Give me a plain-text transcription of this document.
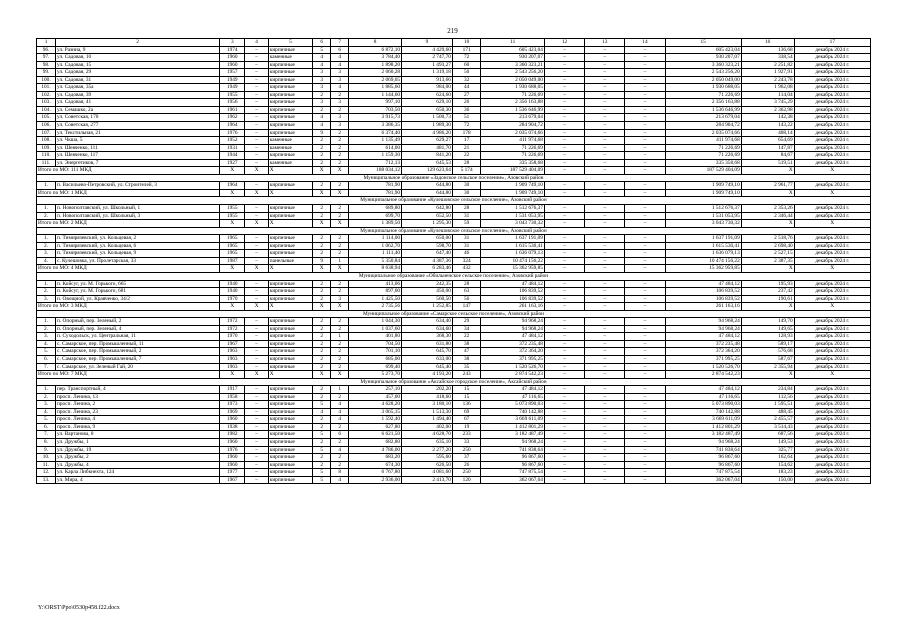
219
1	2	3	4	5	6	7	8	9	10	11	12	13	14	15	16	17
96.	ул. Разина, 9	1974	–	кирпичные	5	6	6 872,10	4 429,60	171	605 423,04	–	–	–	605 423,04	136,68	декабрь 2024 г.
97.	ул. Садовая, 10	1960	–	каменные	4	4	3 784,40	2 747,70	72	930 207,07	–	–	–	930 207,07	338,54	декабрь 2024 г.
98.	ул. Садовая, 15	1960	–	кирпичные	4	4	1 898,20	1 493,27	60	3 360 323,21	–	–	–	3 360 323,21	2 251,82	декабрь 2024 г.
99.	ул. Садовая, 29	1957	–	кирпичные	3	3	2 060,28	1 319,18	50	2 543 256,20	–	–	–	2 543 256,20	1 927,91	декабрь 2024 г.
100.	ул. Садовая, 31	1949	–	кирпичные	3	3	2 069,05	913,66	32	2 050 049,00	–	–	–	2 050 049,00	2 243,78	декабрь 2024 г.
101.	ул. Садовая, 35а	1949	–	кирпичные	3	4	1 885,60	984,00	44	1 930 688,05	–	–	–	1 930 688,05	1 962,08	декабрь 2024 г.
102.	ул. Садовая, 39	1955	–	кирпичные	2	2	1 144,60	624,60	27	71 226,69	–	–	–	71 226,69	114,04	декабрь 2024 г.
103.	ул. Садовая, 41	1956	–	кирпичные	3	3	997,10	629,10	26	2 356 163,88	–	–	–	2 356 163,88	3 745,29	декабрь 2024 г.
104.	ул. Семашко, 2а	1961	–	кирпичные	2	2	703,50	650,30	36	1 536 646,99	–	–	–	1 536 646,99	2 362,98	декабрь 2024 г.
105.	ул. Советская, 170	1962	–	кирпичные	4	3	3 915,73	1 500,73	51	213 679,04	–	–	–	213 679,04	142,38	декабрь 2024 г.
106.	ул. Советская, 277	1964	–	кирпичные	4	3	3 386,35	1 989,30	72	284 904,72	–	–	–	284 904,72	143,22	декабрь 2024 г.
107.	ул. Текстильная, 21	1976	–	кирпичные	9	2	6 374,40	4 986,20	178	2 035 074,66	–	–	–	2 035 074,66	408,14	декабрь 2024 г.
108.	ул. Чкша, 5	1952	–	каменные	2	2	1 135,49	629,27	17	411 974,68	–	–	–	411 974,68	654,69	декабрь 2024 г.
109.	ул. Шевченко, 111	1931	–	каменные	2	2	614,00	481,70	21	71 226,69	–	–	–	71 226,69	147,87	декабрь 2024 г.
110.	ул. Шевченко, 117	1944	–	кирпичные	2	2	1 159,30	841,20	22	71 226,69	–	–	–	71 226,69	84,67	декабрь 2024 г.
111.	ул. Энергетиков, 7	1927	–	каменные	2	2	712,13	645,53	28	335 358,68	–	–	–	335 358,68	519,51	декабрь 2024 г.
Итого по МО: 111 МКД		X	X	X	X	X	188 034,12	129 623,64	5 174	187 529 404,09	–	–	–	187 529 404,09	X	X
Муниципальное образование «Задонское сельское поселение», Азовский район																
1.	п. Васильево-Петровский, ул. Строителей, 3	1964	–	кирпичные	2	2	781,90	644,80	30	1 909 749,10	–	–	–	1 909 749,10	2 961,77	декабрь 2024 г.
Итого по МО: 1 МКД		X	X	X	X	X	781,90	644,80	30	1 909 749,10	–	–	–	1 909 749,10	X	X
Муниципальное образование «Кулешовское сельское поселение», Азовский район																
1.	п. Новополтавский, ул. Школьный, 1	1955	–	кирпичные	2	2	689,80	642,80	28	1 512 676,37	–	–	–	1 512 676,37	2 353,26	декабрь 2024 г.
2.	п. Новополтавский, ул. Школьный, 3	1955	–	кирпичные	2	2	699,70	652,50	31	1 531 053,95	–	–	–	1 531 053,95	2 346,44	декабрь 2024 г.
Итого по МО: 2 МКД		X	X	X	X	X	1 389,50	1 295,30	59	3 043 730,32	–	–	–	3 043 730,32	X	X
Муниципальное образование «Кулешовское сельское поселение», Азовский район																
1.	п. Тимирязевский, ул. Кольцевая, 2	1965	–	кирпичные	2	2	1 114,00	650,00	31	1 637 191,09	–	–	–	1 637 191,09	2 518,76	декабрь 2024 г.
2.	п. Тимирязевский, ул. Кольцевая, 6	1965	–	кирпичные	2	2	1 062,70	598,70	31	1 615 530,41	–	–	–	1 615 530,41	2 698,40	декабрь 2024 г.
3.	п. Тимирязевский, ул. Кольцевая, 9	1965	–	кирпичные	2	2	1 111,40	647,40	46	1 636 079,13	–	–	–	1 636 079,13	2 527,15	декабрь 2024 г.
4.	с. Кулешовка, ул. Пролетарская, 33	1987	–	панельные	9	1	5 350,84	4 387,36	324	10 474 156,22	–	–	–	10 474 156,22	2 387,35	декабрь 2024 г.
Итого по МО: 4 МКД		X	X	X	X	X	8 638,94	6 283,46	432	15 362 959,85	–	–	–	15 362 959,85	X	X
Муниципальное образование «Обильненское сельское поселение», Азовский район																
1.	п. Койсуг, ул. М. Горького, 665	1940	–	кирпичные	2	2	413,06	242,35	28	47 484,12	–	–	–	47 484,12	195,93	декабрь 2024 г.
2.	п. Койсуг, ул. М. Горького, 681	1940	–	кирпичные	2	2	897,00	450,00	63	106 839,52	–	–	–	106 839,52	237,42	декабрь 2024 г.
3.	п. Овощной, ул. Кравченко, 34/2	1970	–	кирпичные	2	3	1 425,50	560,50	56	106 839,52	–	–	–	106 839,52	190,61	декабрь 2024 г.
Итого по МО: 3 МКД		X	X	X	X	X	2 735,56	1 252,85	147	261 163,16	–	–	–	261 163,16	X	X
Муниципальное образование «Самарское сельское поселение», Азовский район																
1.	п. Опорный, пер. Зеленый, 2	1972	–	кирпичные	2	2	1 044,30	634,40	29	94 968,24	–	–	–	94 968,24	149,70	декабрь 2024 г.
2.	п. Опорный, пер. Зеленый, 4	1972	–	кирпичные	2	2	1 037,60	634,60	34	94 968,24	–	–	–	94 968,24	149,65	декабрь 2024 г.
3.	п. Суходольск, ул. Центральная, 11	1970	–	кирпичные	2	1	401,80	368,30	22	47 484,12	–	–	–	47 484,12	128,93	декабрь 2024 г.
4.	с. Самарское, пер. Промышленный, 11	1967	–	кирпичные	2	2	704,50	631,80	38	372 235,48	–	–	–	372 235,48	589,17	декабрь 2024 г.
5.	с. Самарское, пер. Промышленный, 2	1963	–	кирпичные	2	2	701,10	645,70	47	372 364,20	–	–	–	372 364,20	576,68	декабрь 2024 г.
6.	с. Самарское, пер. Промышленный, 7	1963	–	кирпичные	2	2	685,00	633,00	38	371 995,25	–	–	–	371 995,25	587,67	декабрь 2024 г.
7.	с. Самарское, ул. Зеленый Гай, 20	1963	–	кирпичные	2	2	699,40	645,40	35	1 520 526,70	–	–	–	1 520 526,70	2 355,94	декабрь 2024 г.
Итого по МО: 7 МКД		X	X	X	X	X	5 273,70	4 193,20	243	2 874 542,23	–	–	–	2 874 542,23	X	X
Муниципальное образование «Аксайское городское поселение», Аксайский район																
1.	пер. Транспортный, 4	1917	–	кирпичные	2	1	257,10	202,20	15	47 484,12	–	–	–	47 484,12	234,84	декабрь 2024 г.
2.	просп. Ленина, 13	1958	–	кирпичные	2	2	457,00	418,60	15	47 116,65	–	–	–	47 116,65	112,56	декабрь 2024 г.
3.	просп. Ленина, 2	1973	–	кирпичные	5	4	4 628,20	3 180,10	136	5 073 890,03	–	–	–	5 073 890,03	1 595,51	декабрь 2024 г.
4.	просп. Ленина, 23	1969	–	кирпичные	4	4	3 065,15	1 513,30	69	740 142,88	–	–	–	740 142,88	488,45	декабрь 2024 г.
5.	просп. Ленина, 4	1960	–	кирпичные	2	4	1 592,40	1 494,40	67	3 669 611,09	–	–	–	3 669 611,09	2 455,57	декабрь 2024 г.
6.	просп. Ленина, 9	1938	–	кирпичные	2	2	627,80	402,00	19	1 412 801,29	–	–	–	1 412 801,29	3 514,43	декабрь 2024 г.
7.	ул. Вартанова, 8	1982	–	кирпичные	5	6	6 621,50	4 628,70	233	3 182 487,49	–	–	–	3 182 487,49	687,56	декабрь 2024 г.
8.	ул. Дружбы, 1	1960	–	кирпичные	2	2	682,80	635,10	33	94 968,24	–	–	–	94 968,24	149,53	декабрь 2024 г.
9.	ул. Дружбы, 19	1976	–	кирпичные	5	4	4 786,00	2 277,20	250	741 838,64	–	–	–	741 838,64	325,77	декабрь 2024 г.
10.	ул. Дружбы, 2	1960	–	кирпичные	2	2	683,20	595,60	37	96 867,60	–	–	–	96 867,60	162,64	декабрь 2024 г.
11.	ул. Дружбы, 4	1960	–	кирпичные	2	2	674,30	626,50	26	96 867,60	–	–	–	96 867,60	154,62	декабрь 2024 г.
12.	ул. Карла Либкнехта, 124	1977	–	кирпичные	5	8	6 767,80	4 081,60	250	747 875,54	–	–	–	747 875,54	183,23	декабрь 2024 г.
13.	ул. Мира, 4	1967	–	кирпичные	5	4	2 936,00	2 413,70	120	362 067,04	–	–	–	362 067,04	150,00	декабрь 2024 г.
Y:\ORST\Ppo\0530p458.f22.docx
